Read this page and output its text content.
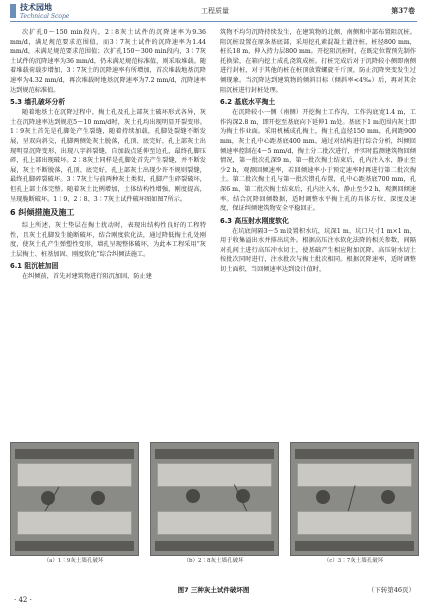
技术园地
Technical Scope
工程质量	第37卷

次扩孔0～150 min段内，2∶8灰土试件的沉降速率为9.36 mm/d，满足规范要求范围值，而3∶7灰土试件的沉降速率为1.44 mm/d，未满足规范要求范围值；次扩孔150～300 min段内，3∶7灰土试件的沉降速率为36 mm/d，仍未满足规范标准值，则采取堆载。随着堆载荷载步增加，3∶7灰土的沉降速率有所增加，首次堆载地基沉降速率为4.32 mm/d，再次堆载时地基沉降速率为7.2 mm/d，沉降速率达到规范标准值。

5.3 墙孔破坏分析

随着地基土在沉降过程中，掏土孔及孔上部灰土破坏形式各异，灰土在沉降速率达到规范5～10 mm/d时，灰土孔均出现明显开裂变形。1∶9灰土首先是孔脚处产生裂缝，随着持续加载，孔脚处裂缝不断发展，呈双向斜交，孔脚两侧处灰土脱落，孔顶、底完好，孔上部灰土出现明显沉降变形，出现八字斜裂缝，自加载点延伸至边孔，最终孔脚压碎，孔上部出现破坏。2∶8灰土同样是孔脚处首先产生裂缝，并不断发展，灰土不断脱落，孔顶、底完好，孔上部灰土出现少许不规则裂缝，最终孔脚碎裂破坏。3∶7灰土与前两种灰土类似，孔脚产生碎裂破坏，但孔上部土体完整。随着灰土比例增加，土体结构性增强，刚度提高，呈现脆断破坏。1∶9、2∶8、3∶7灰土试件破坏图如图7所示。

6 纠倾措施及施工

综上所述，灰土垫层在掏土扰动时，表现出结构性良好的工程特性，且灰土孔脚发生脆断破坏，结合刚度软化法，通过降低掏土孔处刚度，使灰土孔产生弹塑性变形，墙孔呈现整体破坏，为此本工程采用“灰土层掏土、桩基加固、刚度软化”综合纠倾法施工。

6.1 阻沉桩加固

在纠倾前，首先对建筑物进行阻沉加固，防止建

筑物不均匀沉降持续发生，在建筑物的北侧、南侧和中部布置阻沉桩。阻沉桩设置在原条基底部，采用挖孔素混凝土灌注桩，桩径800 mm，桩长18 m，伸入持力层800 mm。开挖阻沉桩时，在既定位置预先制作托换梁，在箱内挖土成孔浇筑成桩。打桩完成后对于沉降较小侧即南侧进行封桩，对于其他的桩在桩顶放置螺旋千斤顶，防止沉降突变发生过倾现象。当沉降达到建筑物的倾斜目标（倾斜率<4‰）后，再对其余阻沉桩进行封桩处理。

6.2 基底水平掏土

在沉降较小一侧（南侧）开挖掏土工作沟，工作沟底宽1.4 m，工作沟深2.8 m，即开挖至基底向下延伸1 m处。基底下1 m范围内灰土即为掏土作业面。采用机械成孔掏土，掏土孔直径150 mm，孔间距900 mm，灰土孔中心距基底400 mm。通过对结构进行综合分析，纠倾回倾速率控制在4～5 mm/d，掏土分二批次进行，并实时监测建筑物回倾情况，第一批次孔深9 m，第一批次掏土结束后，孔内注入水，静止至少2 h，观测回倾速率，若回倾速率小于预定速率时再进行第二批次掏土。第二批次掏土孔与第一批次错孔布置，孔中心距基底700 mm，孔深6 m，第二批次掏土结束后，孔内注入水，静止至少2 h，观测回倾速率。结合沉降回倾数据，适时调整水平掏土孔的具体方位、深度及速度，保证纠倾建筑物安全平稳回正。

6.3 高压射水刚度软化

在坑底间隔3～5 m设置积水坑，坑深1 m，坑口尺寸1 m×1 m，用于收集溢出水并排出坑外。根据高压注水软化法降的相关参数，间隔对孔间土进行高压冲水切土，使基础产生相应附加沉降。高压射水切土按批次同时进行，注水批次与掏土批次相同。根据沉降速率，适时调整切土面积，当回倾速率达到设计值时，

（a）1∶9灰土墙孔破坏	（b）2∶8灰土墙孔破坏	（c）3∶7灰土墙孔破坏
图7 三种灰土试件破坏图	（下转第46页）
· 42 ·
